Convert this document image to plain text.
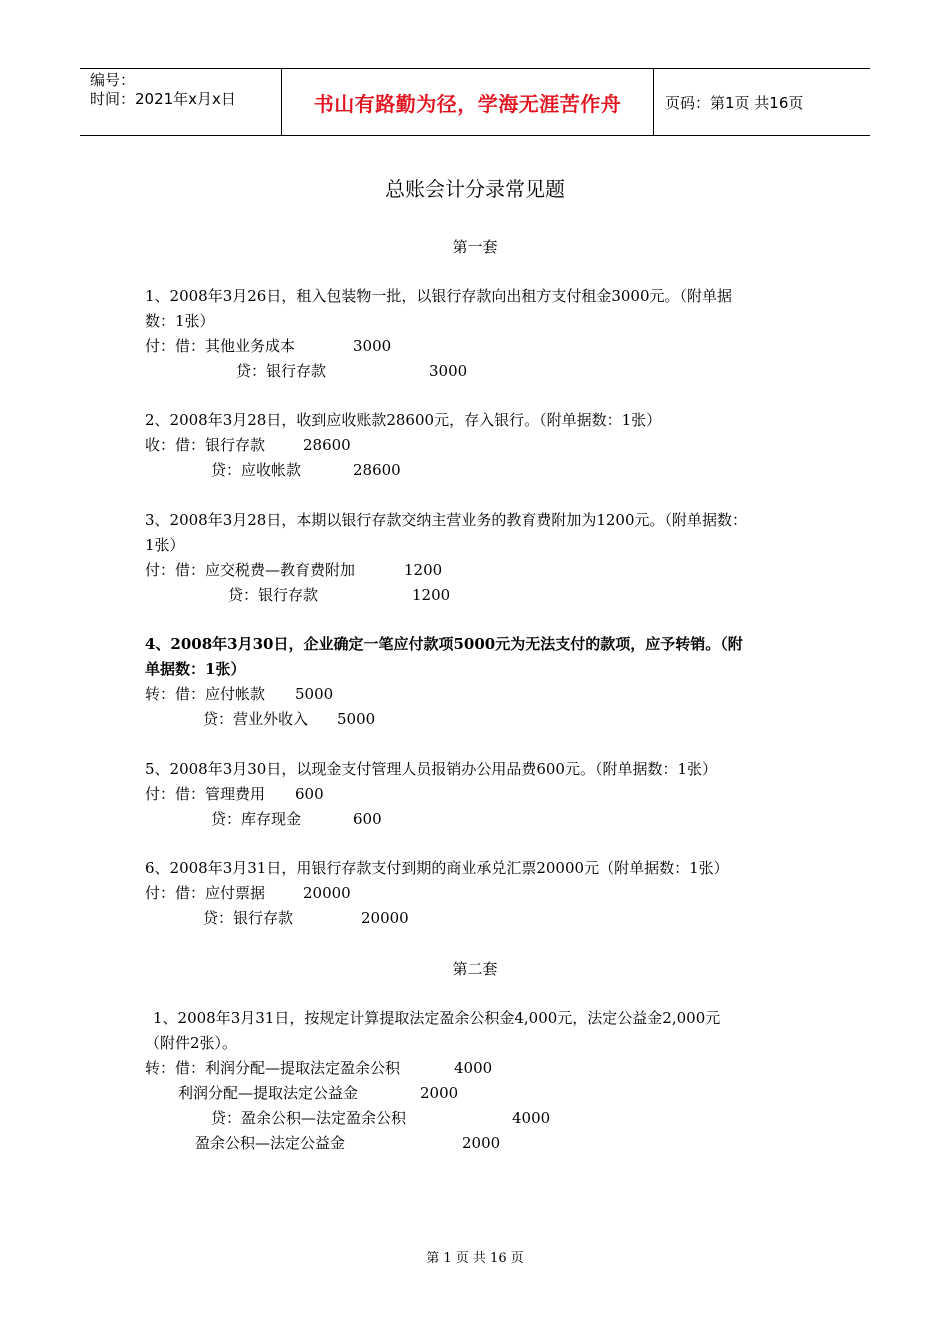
编号：
时间：2021年x月x日	书山有路勤为径，学海无涯苦作舟	页码：第1页 共16页
总账会计分录常见题
第一套
1、2008年3月26日，租入包装物一批，以银行存款向出租方支付租金3000元。（附单据
数：1张）
付：借：其他业务成本	3000
贷：银行存款	3000
2、2008年3月28日，收到应收账款28600元，存入银行。（附单据数：1张）
收：借：银行存款	28600
贷：应收帐款	28600
3、2008年3月28日，本期以银行存款交纳主营业务的教育费附加为1200元。（附单据数：
1张）
付：借：应交税费—教育费附加	1200
贷：银行存款	1200
4、2008年3月30日，企业确定一笔应付款项5000元为无法支付的款项，应予转销。（附
单据数：1张）
转：借：应付帐款 5000
贷：营业外收入 5000
5、2008年3月30日，以现金支付管理人员报销办公用品费600元。（附单据数：1张）
付：借：管理费用 600
贷：库存现金	600
6、2008年3月31日，用银行存款支付到期的商业承兑汇票20000元（附单据数：1张）
付：借：应付票据	20000
贷：银行存款	20000
第二套
1、2008年3月31日，按规定计算提取法定盈余公积金4,000元，法定公益金2,000元
（附件2张）。
转：借：利润分配—提取法定盈余公积	4000
利润分配—提取法定公益金	2000
贷：盈余公积—法定盈余公积	4000
盈余公积—法定公益金	2000
第 1 页 共 16 页
